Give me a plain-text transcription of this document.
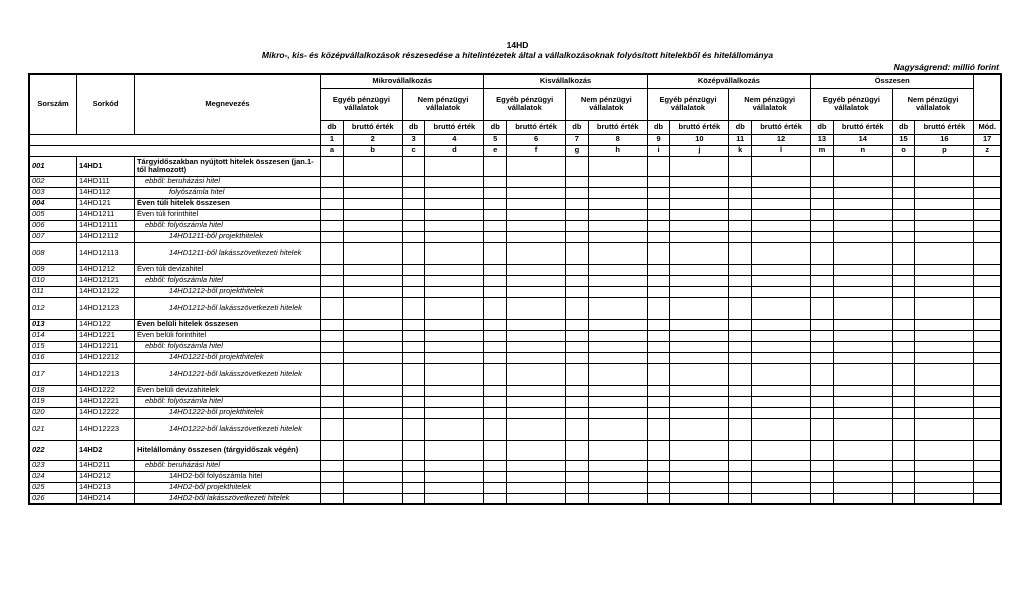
14HD
Mikro-, kis- és középvállalkozások részesedése a hitelintézetek által a vállalkozásoknak folyósított hitelekből és hitelállománya
Nagyságrend: millió forint
Sorszám	Sorkód	Megnevezés	Mikrovállalkozás				Kisvállalkozás				Középvállalkozás				Összesen				
			Egyéb pénzügyi vállalatok		Nem pénzügyi vállalatok		Egyéb pénzügyi vállalatok		Nem pénzügyi vállalatok		Egyéb pénzügyi vállalatok		Nem pénzügyi vállalatok		Egyéb pénzügyi vállalatok		Nem pénzügyi vállalatok		
			db	bruttó érték	db	bruttó érték	db	bruttó érték	db	bruttó érték	db	bruttó érték	db	bruttó érték	db	bruttó érték	db	bruttó érték	Mód.
			1	2	3	4	5	6	7	8	9	10	11	12	13	14	15	16	17
			a	b	c	d	e	f	g	h	i	j	k	l	m	n	o	p	z
001	14HD1	Tárgyidőszakban nyújtott hitelek összesen (jan.1-től halmozott)																	
002	14HD111	ebből: beruházási hitel																	
003	14HD112	folyószámla hitel																	
004	14HD121	Éven túli hitelek összesen																	
005	14HD1211	Éven túli forinthitel																	
006	14HD12111	ebből: folyószámla hitel																	
007	14HD12112	14HD1211-ből projekthitelek																	
008	14HD12113	14HD1211-ből lakásszövetkezeti hitelek																	
009	14HD1212	Éven túli devizahitel																	
010	14HD12121	ebből: folyószámla hitel																	
011	14HD12122	14HD1212-ből projekthitelek																	
012	14HD12123	14HD1212-ből lakásszövetkezeti hitelek																	
013	14HD122	Éven belüli hitelek összesen																	
014	14HD1221	Éven belüli forinthitel																	
015	14HD12211	ebből: folyószámla hitel																	
016	14HD12212	14HD1221-ből projekthitelek																	
017	14HD12213	14HD1221-ből lakásszövetkezeti hitelek																	
018	14HD1222	Éven belüli devizahitelek																	
019	14HD12221	ebből: folyószámla hitel																	
020	14HD12222	14HD1222-ből projekthitelek																	
021	14HD12223	14HD1222-ből lakásszövetkezeti hitelek																	
022	14HD2	Hitelállomány összesen (tárgyidőszak végén)																	
023	14HD211	ebből: beruházási hitel																	
024	14HD212	14HD2-ből folyószámla hitel																	
025	14HD213	14HD2-ből projekthitelek																	
026	14HD214	14HD2-ből lakásszövetkezeti hitelek																	
